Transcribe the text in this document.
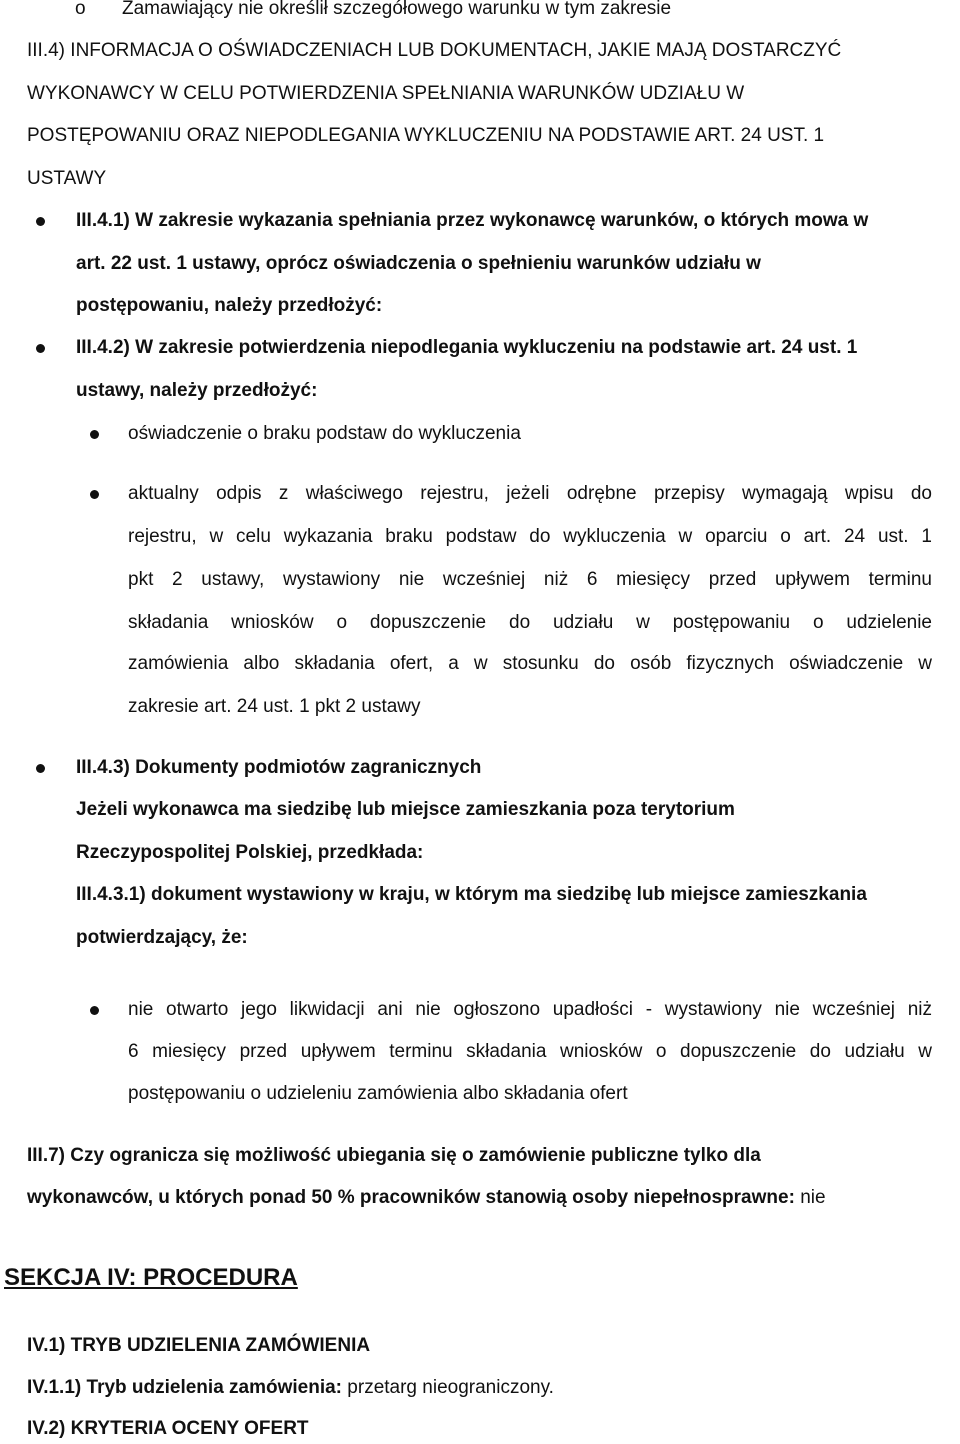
o Zamawiający nie określił szczegółowego warunku w tym zakresie
III.4) INFORMACJA O OŚWIADCZENIACH LUB DOKUMENTACH, JAKIE MAJĄ DOSTARCZYĆ
WYKONAWCY W CELU POTWIERDZENIA SPEŁNIANIA WARUNKÓW UDZIAŁU W
POSTĘPOWANIU ORAZ NIEPODLEGANIA WYKLUCZENIU NA PODSTAWIE ART. 24 UST. 1
USTAWY
III.4.1) W zakresie wykazania spełniania przez wykonawcę warunków, o których mowa w
art. 22 ust. 1 ustawy, oprócz oświadczenia o spełnieniu warunków udziału w
postępowaniu, należy przedłożyć:
III.4.2) W zakresie potwierdzenia niepodlegania wykluczeniu na podstawie art. 24 ust. 1
ustawy, należy przedłożyć:
oświadczenie o braku podstaw do wykluczenia
aktualny odpis z właściwego rejestru, jeżeli odrębne przepisy wymagają wpisu do
rejestru, w celu wykazania braku podstaw do wykluczenia w oparciu o art. 24 ust. 1
pkt 2 ustawy, wystawiony nie wcześniej niż 6 miesięcy przed upływem terminu
składania wniosków o dopuszczenie do udziału w postępowaniu o udzielenie
zamówienia albo składania ofert, a w stosunku do osób fizycznych oświadczenie w
zakresie art. 24 ust. 1 pkt 2 ustawy
III.4.3) Dokumenty podmiotów zagranicznych
Jeżeli wykonawca ma siedzibę lub miejsce zamieszkania poza terytorium
Rzeczypospolitej Polskiej, przedkłada:
III.4.3.1) dokument wystawiony w kraju, w którym ma siedzibę lub miejsce zamieszkania
potwierdzający, że:
nie otwarto jego likwidacji ani nie ogłoszono upadłości - wystawiony nie wcześniej niż
6 miesięcy przed upływem terminu składania wniosków o dopuszczenie do udziału w
postępowaniu o udzieleniu zamówienia albo składania ofert
III.7) Czy ogranicza się możliwość ubiegania się o zamówienie publiczne tylko dla
wykonawców, u których ponad 50 % pracowników stanowią osoby niepełnosprawne: nie
SEKCJA IV: PROCEDURA
IV.1) TRYB UDZIELENIA ZAMÓWIENIA
IV.1.1) Tryb udzielenia zamówienia: przetarg nieograniczony.
IV.2) KRYTERIA OCENY OFERT
